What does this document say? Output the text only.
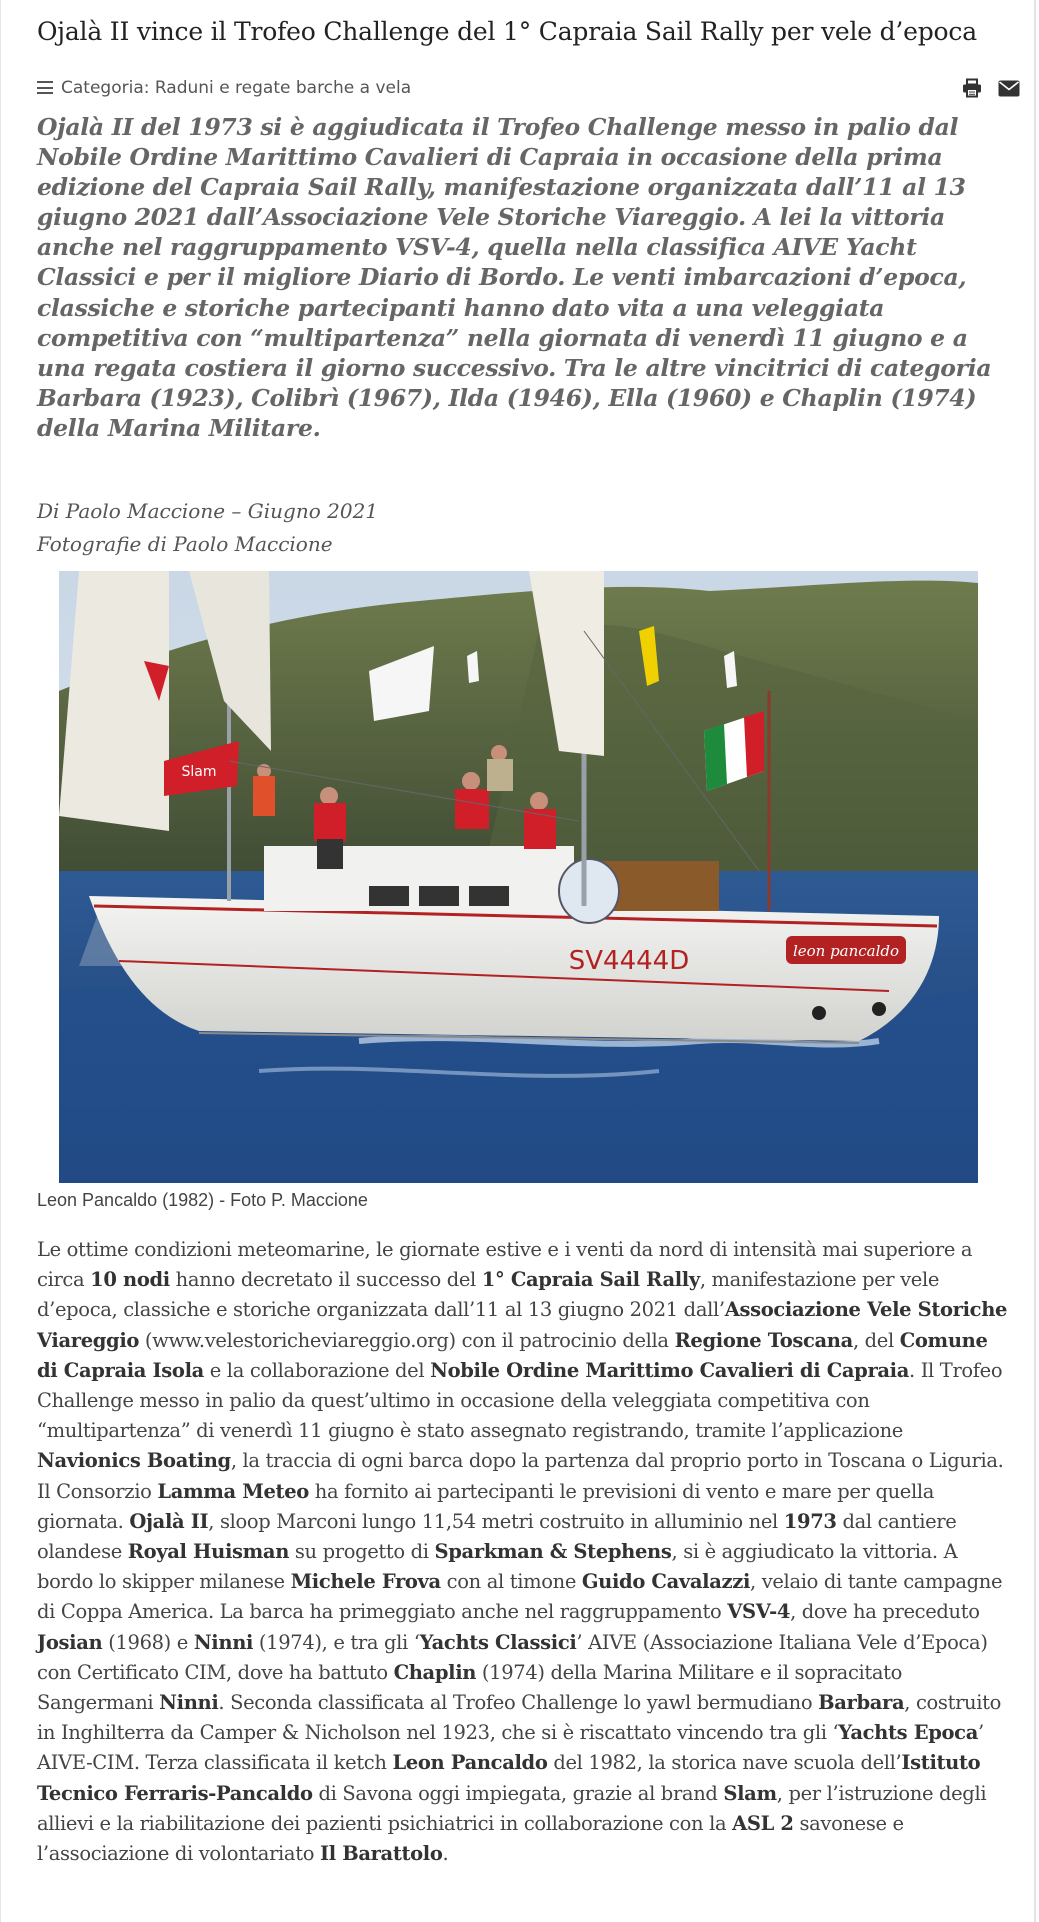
Ojalà II vince il Trofeo Challenge del 1° Capraia Sail Rally per vele d’epoca
Categoria: Raduni e regate barche a vela

Ojalà II del 1973 si è aggiudicata il Trofeo Challenge messo in palio dal Nobile Ordine Marittimo Cavalieri di Capraia in occasione della prima edizione del Capraia Sail Rally, manifestazione organizzata dall’11 al 13 giugno 2021 dall’Associazione Vele Storiche Viareggio. A lei la vittoria anche nel raggruppamento VSV-4, quella nella classifica AIVE Yacht Classici e per il migliore Diario di Bordo. Le venti imbarcazioni d’epoca, classiche e storiche partecipanti hanno dato vita a una veleggiata competitiva con “multipartenza” nella giornata di venerdì 11 giugno e a una regata costiera il giorno successivo. Tra le altre vincitrici di categoria Barbara (1923), Colibrì (1967), Ilda (1946), Ella (1960) e Chaplin (1974) della Marina Militare.

Di Paolo Maccione – Giugno 2021
Fotografie di Paolo Maccione
leon pancaldo
SV4444D
Slam
Leon Pancaldo (1982) - Foto P. Maccione

Le ottime condizioni meteomarine, le giornate estive e i venti da nord di intensità mai superiore a circa 10 nodi hanno decretato il successo del 1° Capraia Sail Rally, manifestazione per vele d’epoca, classiche e storiche organizzata dall’11 al 13 giugno 2021 dall’Associazione Vele Storiche Viareggio (www.velestoricheviareggio.org) con il patrocinio della Regione Toscana, del Comune di Capraia Isola e la collaborazione del Nobile Ordine Marittimo Cavalieri di Capraia. Il Trofeo Challenge messo in palio da quest’ultimo in occasione della veleggiata competitiva con “multipartenza” di venerdì 11 giugno è stato assegnato registrando, tramite l’applicazione Navionics Boating, la traccia di ogni barca dopo la partenza dal proprio porto in Toscana o Liguria. Il Consorzio Lamma Meteo ha fornito ai partecipanti le previsioni di vento e mare per quella giornata. Ojalà II, sloop Marconi lungo 11,54 metri costruito in alluminio nel 1973 dal cantiere olandese Royal Huisman su progetto di Sparkman & Stephens, si è aggiudicato la vittoria. A bordo lo skipper milanese Michele Frova con al timone Guido Cavalazzi, velaio di tante campagne di Coppa America. La barca ha primeggiato anche nel raggruppamento VSV-4, dove ha preceduto Josian (1968) e Ninni (1974), e tra gli ‘Yachts Classici’ AIVE (Associazione Italiana Vele d’Epoca) con Certificato CIM, dove ha battuto Chaplin (1974) della Marina Militare e il sopracitato Sangermani Ninni. Seconda classificata al Trofeo Challenge lo yawl bermudiano Barbara, costruito in Inghilterra da Camper & Nicholson nel 1923, che si è riscattato vincendo tra gli ‘Yachts Epoca’ AIVE-CIM. Terza classificata il ketch Leon Pancaldo del 1982, la storica nave scuola dell’Istituto Tecnico Ferraris-Pancaldo di Savona oggi impiegata, grazie al brand Slam, per l’istruzione degli allievi e la riabilitazione dei pazienti psichiatrici in collaborazione con la ASL 2 savonese e l’associazione di volontariato Il Barattolo.
